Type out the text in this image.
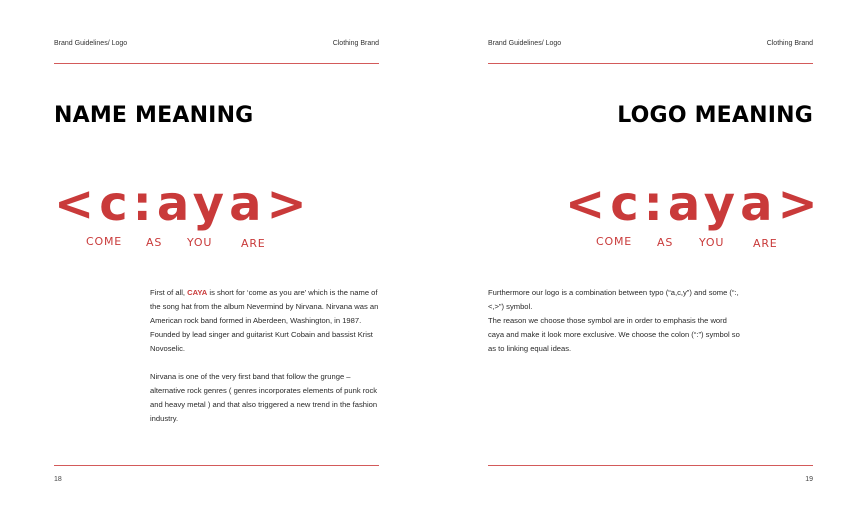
Brand Guidelines/ Logo	Clothing Brand
NAME MEANING
<c:aya>
COME AS YOU	ARE

First of all, CAYA is short for ‘come as you are’ which is the name of the song hat from the album Nevermind by Nirvana. Nirvana was an American rock band formed in Aberdeen, Washington, in 1987. Founded by lead singer and guitarist Kurt Cobain and bassist Krist Novoselic.

Nirvana is one of the very first band that follow the grunge – alternative rock genres ( genres incorporates elements of punk rock and heavy metal ) and that also triggered a new trend in the fashion industry.

18
Brand Guidelines/ Logo	Clothing Brand
LOGO MEANING
<c:aya>
COME AS YOU	ARE
Furthermore our logo is a combination between typo (“a,c,y”) and some (“:,<,>”) symbol.
The reason we choose those symbol are in order to emphasis the word caya and make it look more exclusive. We choose the colon (“:”) symbol so as to linking equal ideas.
19
